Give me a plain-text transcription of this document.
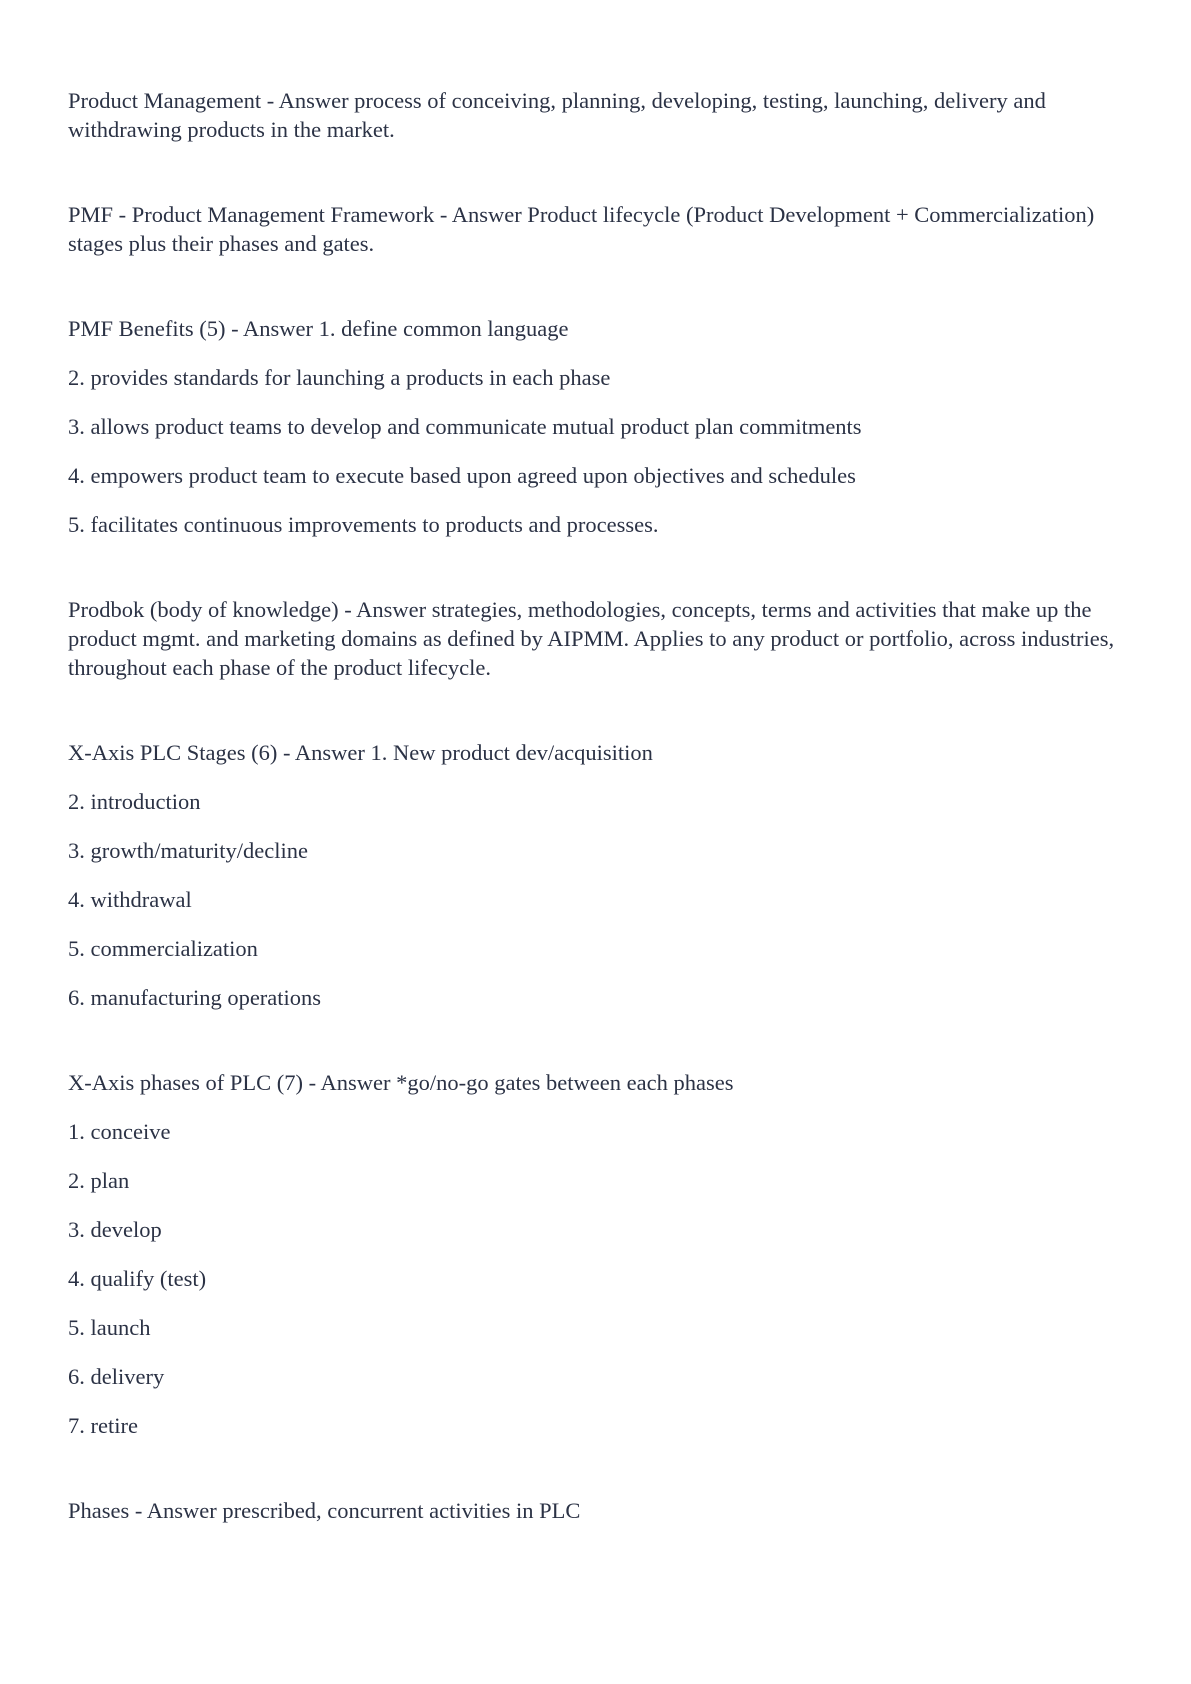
Product Management - Answer process of conceiving, planning, developing, testing, launching, delivery and withdrawing products in the market.

PMF - Product Management Framework - Answer Product lifecycle (Product Development + Commercialization) stages plus their phases and gates.

PMF Benefits (5) - Answer 1. define common language

2. provides standards for launching a products in each phase

3. allows product teams to develop and communicate mutual product plan commitments

4. empowers product team to execute based upon agreed upon objectives and schedules

5. facilitates continuous improvements to products and processes.

Prodbok (body of knowledge) - Answer strategies, methodologies, concepts, terms and activities that make up the product mgmt. and marketing domains as defined by AIPMM. Applies to any product or portfolio, across industries, throughout each phase of the product lifecycle.

X-Axis PLC Stages (6) - Answer 1. New product dev/acquisition

2. introduction

3. growth/maturity/decline

4. withdrawal

5. commercialization

6. manufacturing operations

X-Axis phases of PLC (7) - Answer *go/no-go gates between each phases

1. conceive

2. plan

3. develop

4. qualify (test)

5. launch

6. delivery

7. retire

Phases - Answer prescribed, concurrent activities in PLC
